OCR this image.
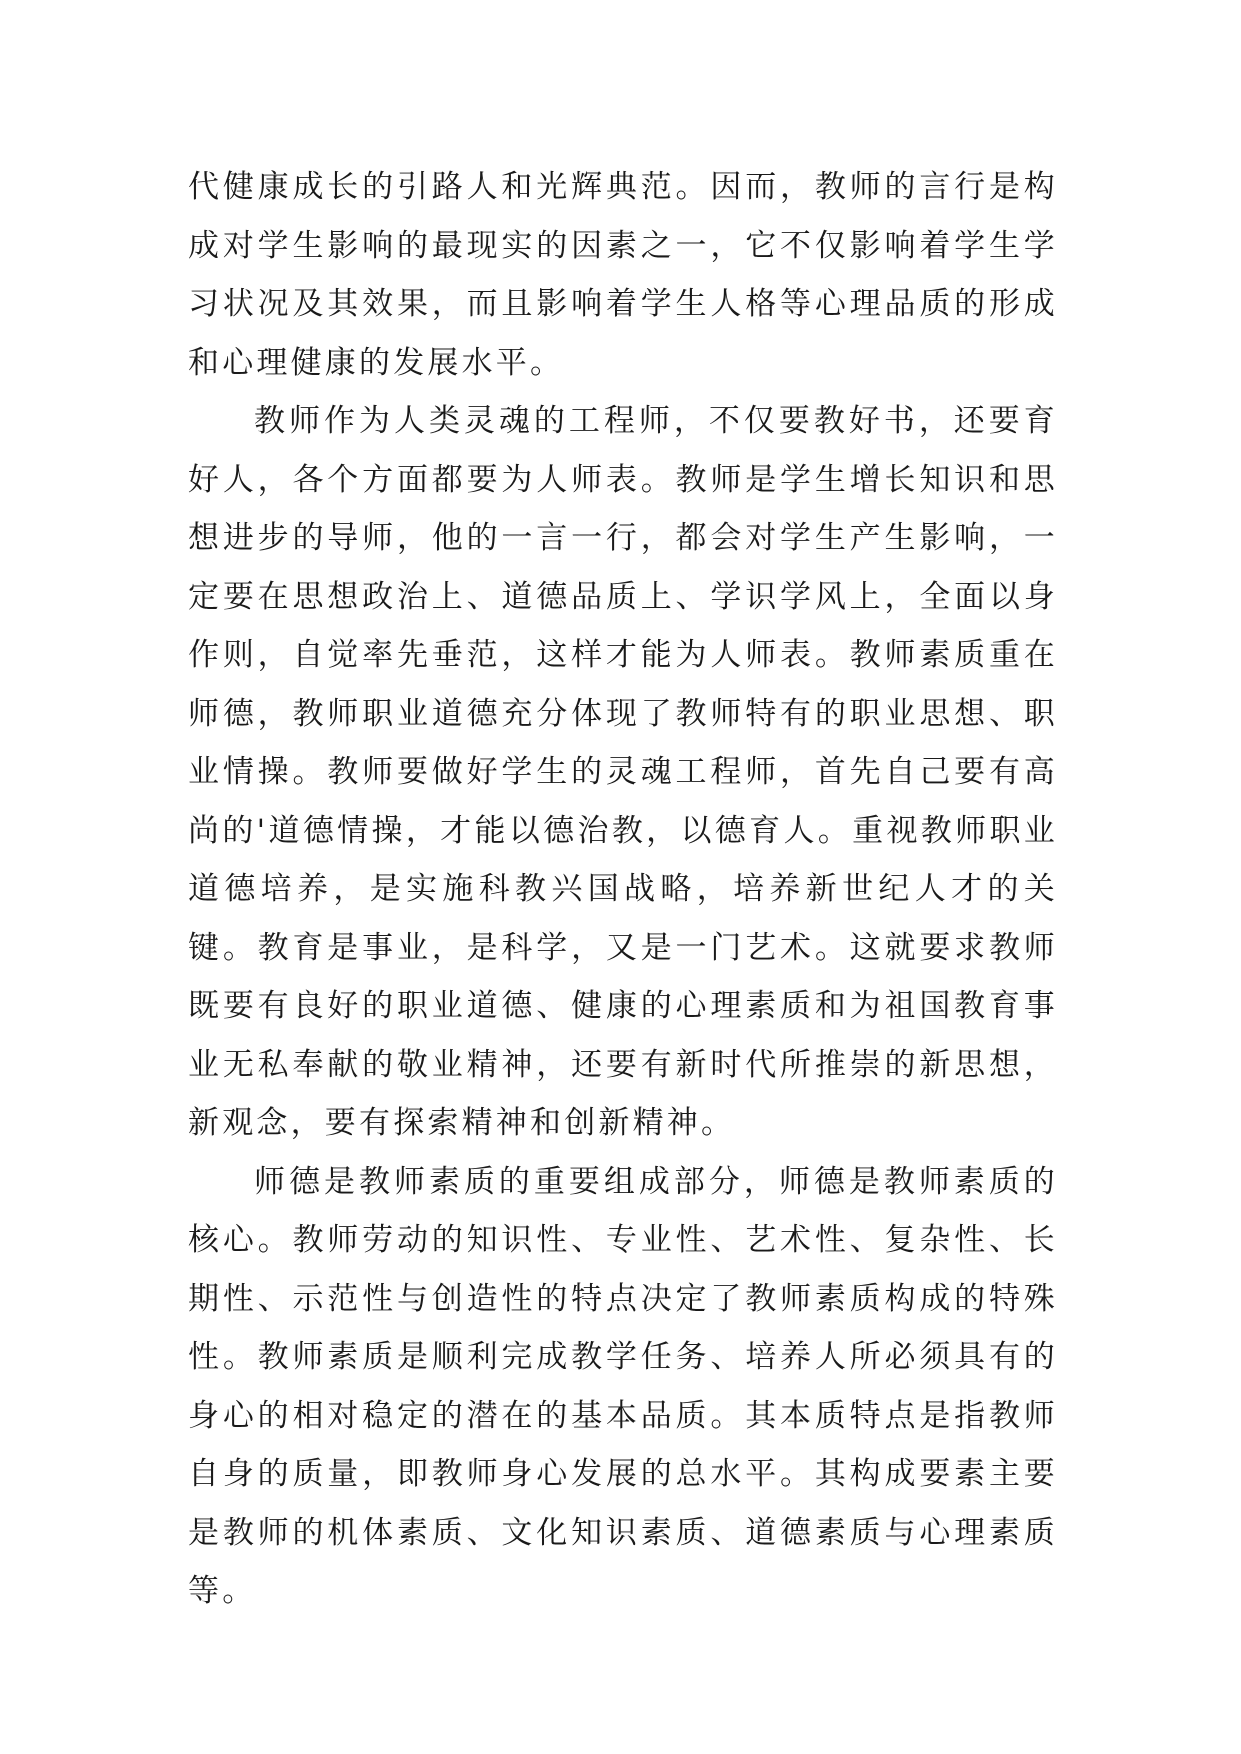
代健康成长的引路人和光辉典范。因而，教师的言行是构成对学生影响的最现实的因素之一，它不仅影响着学生学习状况及其效果，而且影响着学生人格等心理品质的形成和心理健康的发展水平。

教师作为人类灵魂的工程师，不仅要教好书，还要育好人，各个方面都要为人师表。教师是学生增长知识和思想进步的导师，他的一言一行，都会对学生产生影响，一定要在思想政治上、道德品质上、学识学风上，全面以身作则，自觉率先垂范，这样才能为人师表。教师素质重在师德，教师职业道德充分体现了教师特有的职业思想、职业情操。教师要做好学生的灵魂工程师，首先自己要有高尚的'道德情操，才能以德治教，以德育人。重视教师职业道德培养，是实施科教兴国战略，培养新世纪人才的关键。教育是事业，是科学，又是一门艺术。这就要求教师既要有良好的职业道德、健康的心理素质和为祖国教育事业无私奉献的敬业精神，还要有新时代所推崇的新思想，新观念，要有探索精神和创新精神。

师德是教师素质的重要组成部分，师德是教师素质的核心。教师劳动的知识性、专业性、艺术性、复杂性、长期性、示范性与创造性的特点决定了教师素质构成的特殊性。教师素质是顺利完成教学任务、培养人所必须具有的身心的相对稳定的潜在的基本品质。其本质特点是指教师自身的质量，即教师身心发展的总水平。其构成要素主要是教师的机体素质、文化知识素质、道德素质与心理素质等。
